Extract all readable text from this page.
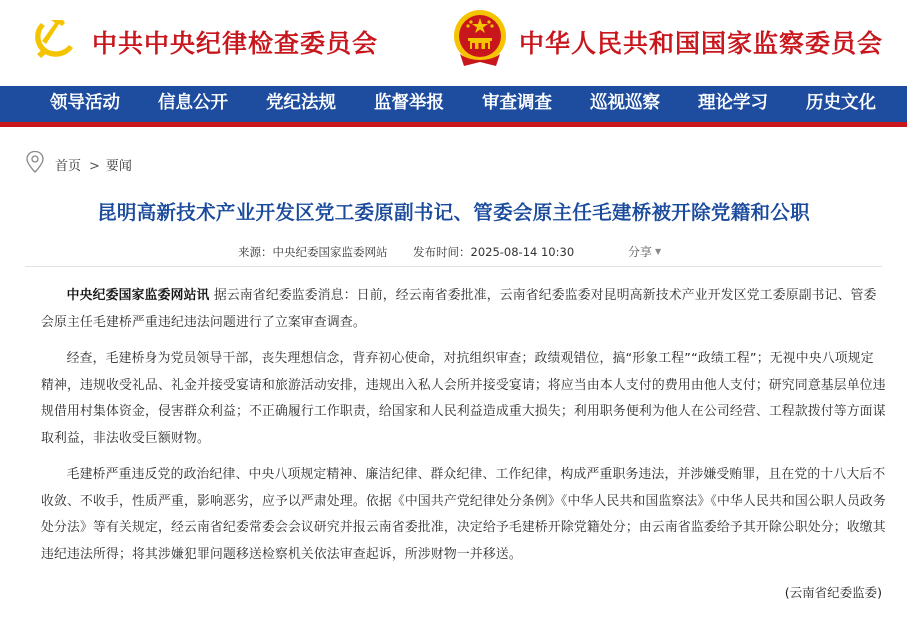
中共中央纪律检查委员会	中华人民共和国国家监察委员会
领导活动 信息公开 党纪法规 监督举报 审查调查 巡视巡察 理论学习 历史文化
首页 > 要闻
昆明高新技术产业开发区党工委原副书记、管委会原主任毛建桥被开除党籍和公职
来源：中央纪委国家监委网站 发布时间：2025-08-14 10:30	分享 ▼

中央纪委国家监委网站讯 据云南省纪委监委消息：日前，经云南省委批准，云南省纪委监委对昆明高新技术产业开发区党工委原副书记、管委会原主任毛建桥严重违纪违法问题进行了立案审查调查。

经查，毛建桥身为党员领导干部，丧失理想信念，背弃初心使命，对抗组织审查；政绩观错位，搞“形象工程”“政绩工程”；无视中央八项规定精神，违规收受礼品、礼金并接受宴请和旅游活动安排，违规出入私人会所并接受宴请；将应当由本人支付的费用由他人支付；研究同意基层单位违规借用村集体资金，侵害群众利益；不正确履行工作职责，给国家和人民利益造成重大损失；利用职务便利为他人在公司经营、工程款拨付等方面谋取利益，非法收受巨额财物。

毛建桥严重违反党的政治纪律、中央八项规定精神、廉洁纪律、群众纪律、工作纪律，构成严重职务违法，并涉嫌受贿罪，且在党的十八大后不收敛、不收手，性质严重，影响恶劣，应予以严肃处理。依据《中国共产党纪律处分条例》《中华人民共和国监察法》《中华人民共和国公职人员政务处分法》等有关规定，经云南省纪委常委会会议研究并报云南省委批准，决定给予毛建桥开除党籍处分；由云南省监委给予其开除公职处分；收缴其违纪违法所得；将其涉嫌犯罪问题移送检察机关依法审查起诉，所涉财物一并移送。

(云南省纪委监委)
